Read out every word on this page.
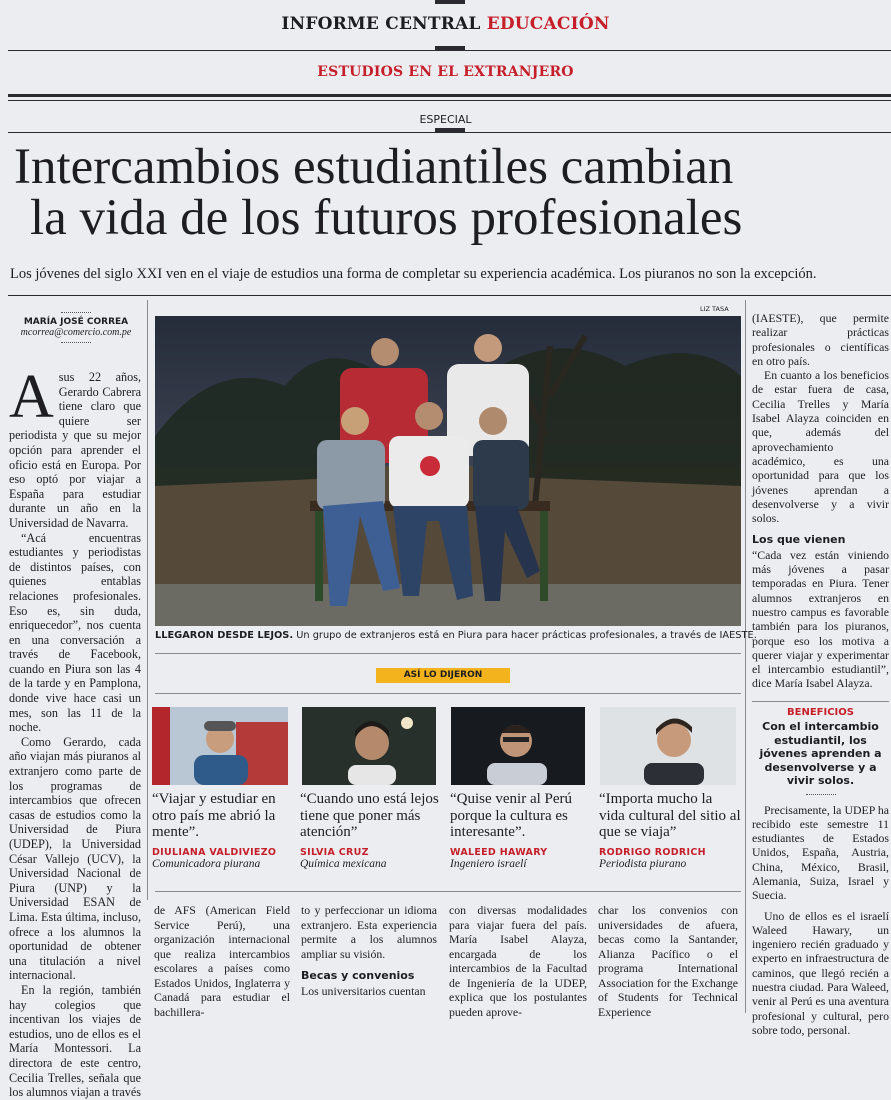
INFORME CENTRAL EDUCACIÓN
ESTUDIOS EN EL EXTRANJERO
ESPECIAL
Intercambios estudiantiles cambian
la vida de los futuros profesionales
Los jóvenes del siglo XXI ven en el viaje de estudios una forma de completar su experiencia académica. Los piuranos no son la excepción.
MARÍA JOSÉ CORREA
mcorrea@comercio.com.pe
A sus 22 años, Gerardo Cabrera tiene claro que quiere ser periodista y que su mejor opción para aprender el oficio está en Europa. Por eso optó por viajar a España para estudiar durante un año en la Universidad de Navarra.

“Acá encuentras estudiantes y periodistas de distintos países, con quienes entablas relaciones profesionales. Eso es, sin duda, enriquecedor”, nos cuenta en una conversación a través de Facebook, cuando en Piura son las 4 de la tarde y en Pamplona, donde vive hace casi un mes, son las 11 de la noche.

Como Gerardo, cada año viajan más piuranos al extranjero como parte de los programas de intercambios que ofrecen casas de estudios como la Universidad de Piura (UDEP), la Universidad César Vallejo (UCV), la Universidad Nacional de Piura (UNP) y la Universidad ESAN de Lima. Esta última, incluso, ofrece a los alumnos la oportunidad de obtener una titulación a nivel internacional.

En la región, también hay colegios que incentivan los viajes de estudios, uno de ellos es el María Montessori. La directora de este centro, Cecilia Trelles, señala que los alumnos viajan a través

LIZ TASA
LLEGARON DESDE LEJOS. Un grupo de extranjeros está en Piura para hacer prácticas profesionales, a través de IAESTE.
ASÍ LO DIJERON

“Viajar y estudiar en otro país me abrió la mente”.

DIULIANA VALDIVIEZO
Comunicadora piurana

“Cuando uno está lejos tiene que poner más atención”

SILVIA CRUZ
Química mexicana

“Quise venir al Perú porque la cultura es interesante”.

WALEED HAWARY
Ingeniero israelí

“Importa mucho la vida cultural del sitio al que se viaja”

RODRIGO RODRICH
Periodista piurano

de AFS (American Field Service Perú), una organización internacional que realiza intercambios escolares a países como Estados Unidos, Inglaterra y Canadá para estudiar el bachillera-

to y perfeccionar un idioma extranjero. Esta experiencia permite a los alumnos ampliar su visión.

Becas y convenios

Los universitarios cuentan

con diversas modalidades para viajar fuera del país. María Isabel Alayza, encargada de los intercambios de la Facultad de Ingeniería de la UDEP, explica que los postulantes pueden aprove-

char los convenios con universidades de afuera, becas como la Santander, Alianza Pacífico o el programa International Association for the Exchange of Students for Technical Experience

(IAESTE), que permite realizar prácticas profesionales o científicas en otro país.

En cuanto a los beneficios de estar fuera de casa, Cecilia Trelles y María Isabel Alayza coinciden en que, además del aprovechamiento académico, es una oportunidad para que los jóvenes aprendan a desenvolverse y a vivir solos.

Los que vienen

“Cada vez están viniendo más jóvenes a pasar temporadas en Piura. Tener alumnos extranjeros en nuestro campus es favorable también para los piuranos, porque eso los motiva a querer viajar y experimentar el intercambio estudiantil”, dice María Isabel Alayza.

BENEFICIOS
Con el intercambio estudiantil, los jóvenes aprenden a desenvolverse y a vivir solos.

Precisamente, la UDEP ha recibido este semestre 11 estudiantes de Estados Unidos, España, Austria, China, México, Brasil, Alemania, Suiza, Israel y Suecia.

Uno de ellos es el israelí Waleed Hawary, un ingeniero recién graduado y experto en infraestructura de caminos, que llegó recién a nuestra ciudad. Para Waleed, venir al Perú es una aventura profesional y cultural, pero sobre todo, personal.
